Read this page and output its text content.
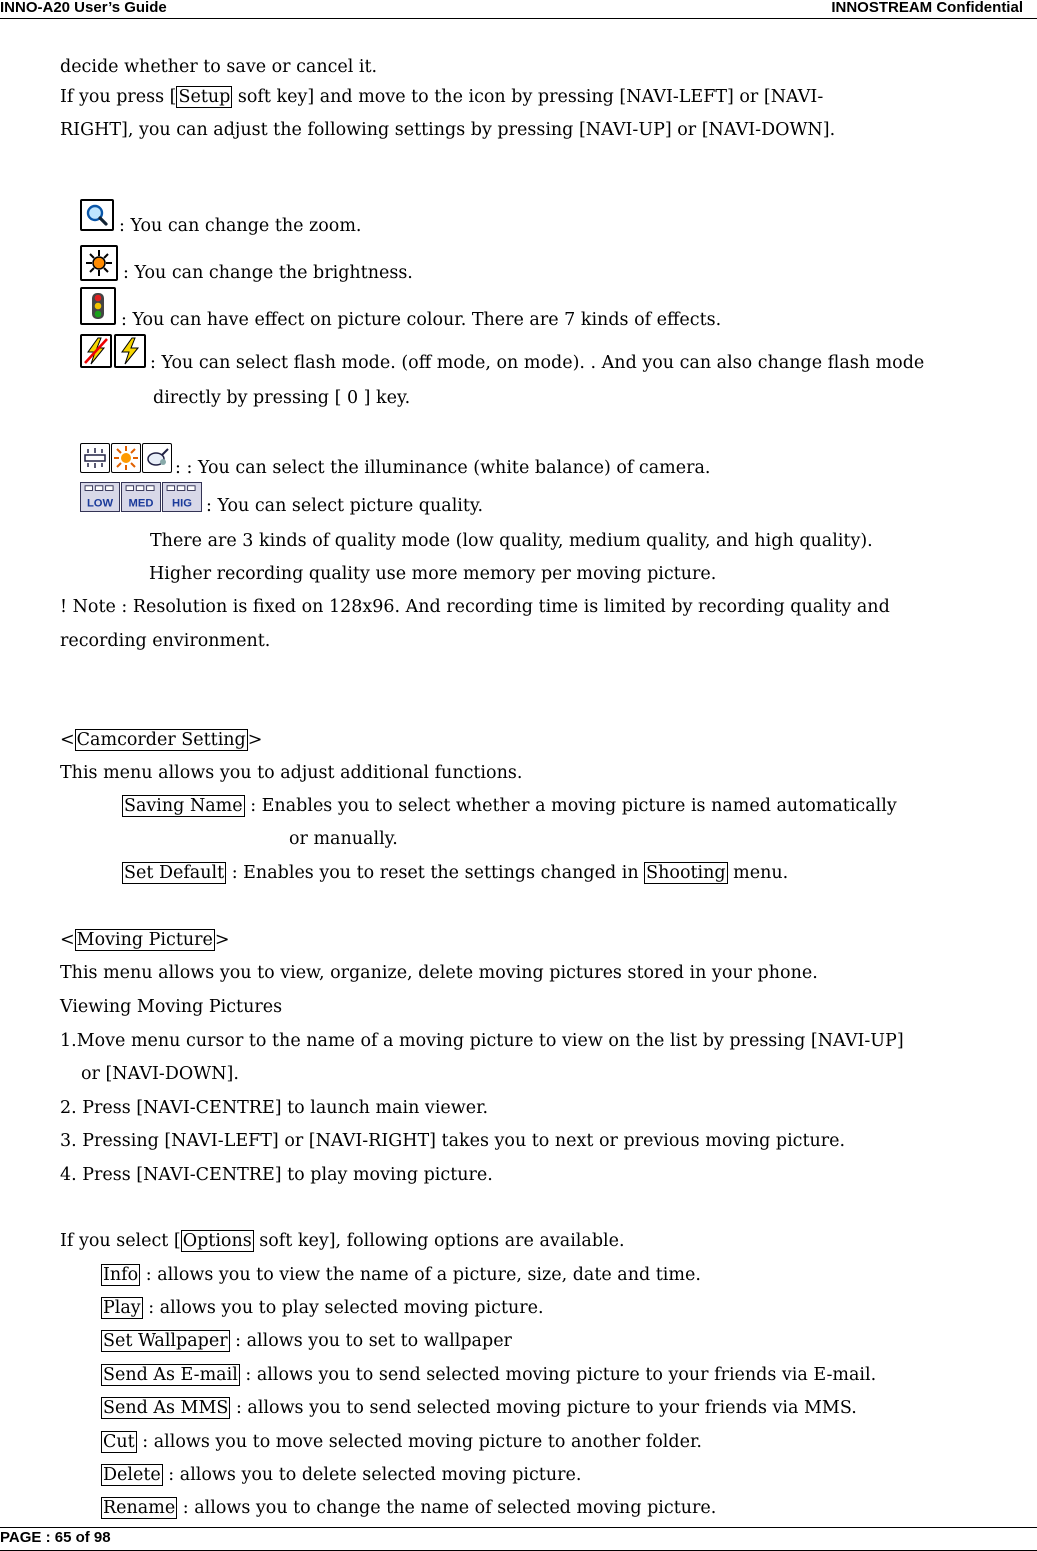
INNO-A20 User’s Guide	INNOSTREAM Confidential
PAGE : 65 of 98
decide whether to save or cancel it.
If you press [ Setup soft key] and move to the icon by pressing [NAVI-LEFT] or [NAVI-
RIGHT], you can adjust the following settings by pressing [NAVI-UP] or [NAVI-DOWN].
: You can change the zoom.
: You can change the brightness.
: You can have effect on picture colour. There are 7 kinds of effects.
: You can select flash mode. (off mode, on mode). . And you can also change flash mode
directly by pressing [ 0 ] key.
: : You can select the illuminance (white balance) of camera.
LOW MED HIG : You can select picture quality.
There are 3 kinds of quality mode (low quality, medium quality, and high quality).
Higher recording quality use more memory per moving picture.
! Note : Resolution is fixed on 128x96. And recording time is limited by recording quality and
recording environment.
< Camcorder Setting >
This menu allows you to adjust additional functions.
Saving Name : Enables you to select whether a moving picture is named automatically
or manually.
Set Default : Enables you to reset the settings changed in Shooting menu.
< Moving Picture >
This menu allows you to view, organize, delete moving pictures stored in your phone.
Viewing Moving Pictures
1.Move menu cursor to the name of a moving picture to view on the list by pressing [NAVI-UP]
or [NAVI-DOWN].
2. Press [NAVI-CENTRE] to launch main viewer.
3. Pressing [NAVI-LEFT] or [NAVI-RIGHT] takes you to next or previous moving picture.
4. Press [NAVI-CENTRE] to play moving picture.
If you select [ Options soft key], following options are available.
Info : allows you to view the name of a picture, size, date and time.
Play : allows you to play selected moving picture.
Set Wallpaper : allows you to set to wallpaper
Send As E-mail : allows you to send selected moving picture to your friends via E-mail.
Send As MMS : allows you to send selected moving picture to your friends via MMS.
Cut : allows you to move selected moving picture to another folder.
Delete : allows you to delete selected moving picture.
Rename : allows you to change the name of selected moving picture.
